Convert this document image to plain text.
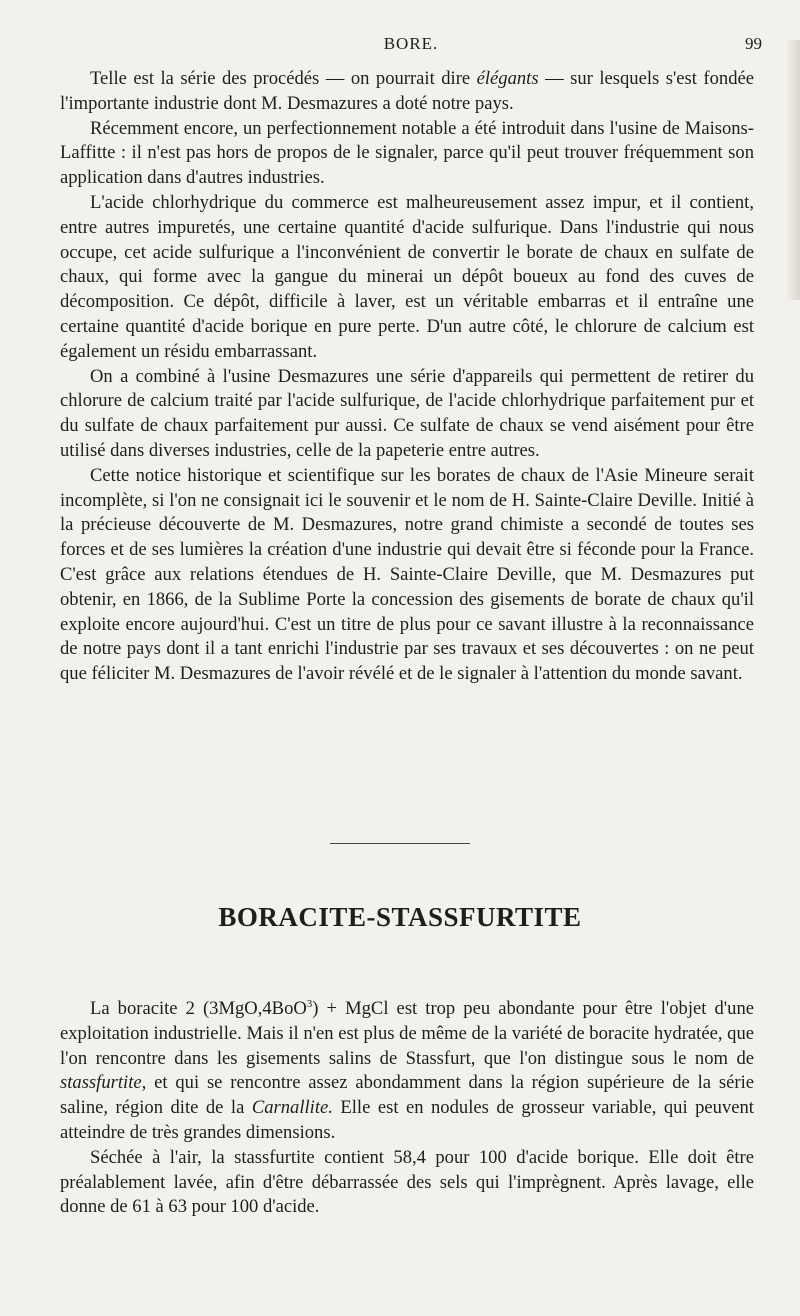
BORE.	99

Telle est la série des procédés — on pourrait dire élégants — sur lesquels s'est fondée l'importante industrie dont M. Desmazures a doté notre pays.

Récemment encore, un perfectionnement notable a été introduit dans l'usine de Maisons-Laffitte : il n'est pas hors de propos de le signaler, parce qu'il peut trouver fréquemment son application dans d'autres industries.

L'acide chlorhydrique du commerce est malheureusement assez impur, et il contient, entre autres impuretés, une certaine quantité d'acide sulfurique. Dans l'industrie qui nous occupe, cet acide sulfurique a l'inconvénient de convertir le borate de chaux en sulfate de chaux, qui forme avec la gangue du minerai un dépôt boueux au fond des cuves de décomposition. Ce dépôt, difficile à laver, est un véritable embarras et il entraîne une certaine quantité d'acide borique en pure perte. D'un autre côté, le chlorure de calcium est également un résidu embarrassant.

On a combiné à l'usine Desmazures une série d'appareils qui permettent de retirer du chlorure de calcium traité par l'acide sulfurique, de l'acide chlorhydrique parfaitement pur et du sulfate de chaux parfaitement pur aussi. Ce sulfate de chaux se vend aisément pour être utilisé dans diverses industries, celle de la papeterie entre autres.

Cette notice historique et scientifique sur les borates de chaux de l'Asie Mineure serait incomplète, si l'on ne consignait ici le souvenir et le nom de H. Sainte-Claire Deville. Initié à la précieuse découverte de M. Desmazures, notre grand chimiste a secondé de toutes ses forces et de ses lumières la création d'une industrie qui devait être si féconde pour la France. C'est grâce aux relations étendues de H. Sainte-Claire Deville, que M. Desmazures put obtenir, en 1866, de la Sublime Porte la concession des gisements de borate de chaux qu'il exploite encore aujourd'hui. C'est un titre de plus pour ce savant illustre à la reconnaissance de notre pays dont il a tant enrichi l'industrie par ses travaux et ses découvertes : on ne peut que féliciter M. Desmazures de l'avoir révélé et de le signaler à l'attention du monde savant.

BORACITE-STASSFURTITE

La boracite 2 (3MgO,4BoO$^3$) + MgCl est trop peu abondante pour être l'objet d'une exploitation industrielle. Mais il n'en est plus de même de la variété de boracite hydratée, que l'on rencontre dans les gisements salins de Stassfurt, que l'on distingue sous le nom de stassfurtite, et qui se rencontre assez abondamment dans la région supérieure de la série saline, région dite de la Carnallite. Elle est en nodules de grosseur variable, qui peuvent atteindre de très grandes dimensions.

Séchée à l'air, la stassfurtite contient 58,4 pour 100 d'acide borique. Elle doit être préalablement lavée, afin d'être débarrassée des sels qui l'imprègnent. Après lavage, elle donne de 61 à 63 pour 100 d'acide.
